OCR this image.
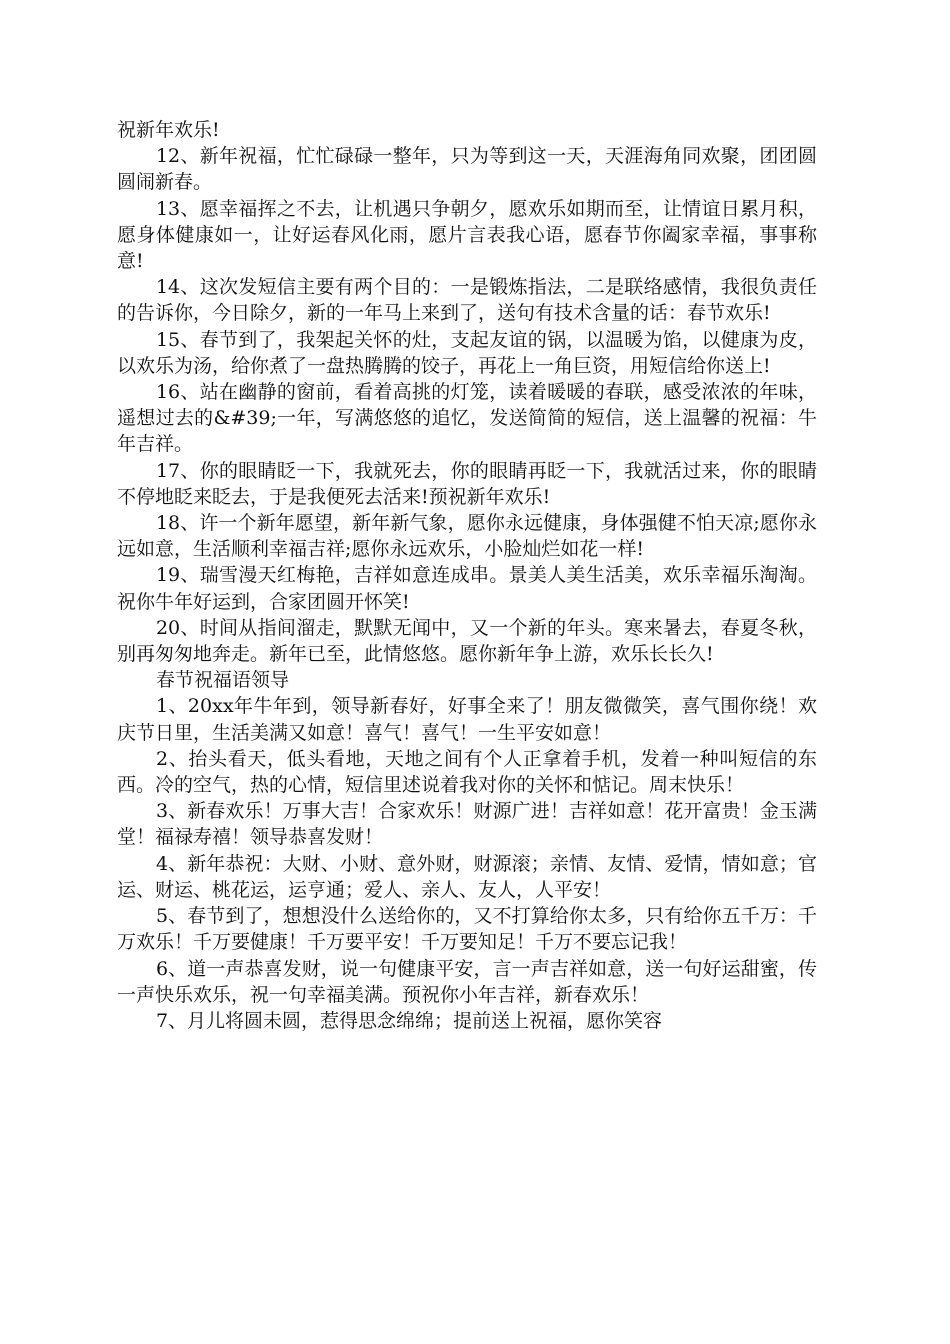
祝新年欢乐!

12、新年祝福，忙忙碌碌一整年，只为等到这一天，天涯海角同欢聚，团团圆圆闹新春。

13、愿幸福挥之不去，让机遇只争朝夕，愿欢乐如期而至，让情谊日累月积，愿身体健康如一，让好运春风化雨，愿片言表我心语，愿春节你阖家幸福，事事称意!

14、这次发短信主要有两个目的：一是锻炼指法，二是联络感情，我很负责任的告诉你，今日除夕，新的一年马上来到了，送句有技术含量的话：春节欢乐!

15、春节到了，我架起关怀的灶，支起友谊的锅，以温暖为馅，以健康为皮，以欢乐为汤，给你煮了一盘热腾腾的饺子，再花上一角巨资，用短信给你送上!

16、站在幽静的窗前，看着高挑的灯笼，读着暖暖的春联，感受浓浓的年味，遥想过去的&#39;一年，写满悠悠的追忆，发送简简的短信，送上温馨的祝福：牛年吉祥。

17、你的眼睛眨一下，我就死去，你的眼睛再眨一下，我就活过来，你的眼睛不停地眨来眨去，于是我便死去活来!预祝新年欢乐!

18、许一个新年愿望，新年新气象，愿你永远健康，身体强健不怕天凉;愿你永远如意，生活顺利幸福吉祥;愿你永远欢乐，小脸灿烂如花一样!

19、瑞雪漫天红梅艳，吉祥如意连成串。景美人美生活美，欢乐幸福乐淘淘。祝你牛年好运到，合家团圆开怀笑!

20、时间从指间溜走，默默无闻中，又一个新的年头。寒来暑去，春夏冬秋，别再匆匆地奔走。新年已至，此情悠悠。愿你新年争上游，欢乐长长久!

春节祝福语领导

1、20xx年牛年到，领导新春好，好事全来了！朋友微微笑，喜气围你绕！欢庆节日里，生活美满又如意！喜气！喜气！一生平安如意！

2、抬头看天，低头看地，天地之间有个人正拿着手机，发着一种叫短信的东西。冷的空气，热的心情，短信里述说着我对你的关怀和惦记。周末快乐！

3、新春欢乐！万事大吉！合家欢乐！财源广进！吉祥如意！花开富贵！金玉满堂！福禄寿禧！领导恭喜发财！

4、新年恭祝：大财、小财、意外财，财源滚；亲情、友情、爱情，情如意；官运、财运、桃花运，运亨通；爱人、亲人、友人，人平安！

5、春节到了，想想没什么送给你的，又不打算给你太多，只有给你五千万：千万欢乐！千万要健康！千万要平安！千万要知足！千万不要忘记我！

6、道一声恭喜发财，说一句健康平安，言一声吉祥如意，送一句好运甜蜜，传一声快乐欢乐，祝一句幸福美满。预祝你小年吉祥，新春欢乐！

7、月儿将圆未圆，惹得思念绵绵；提前送上祝福，愿你笑容
